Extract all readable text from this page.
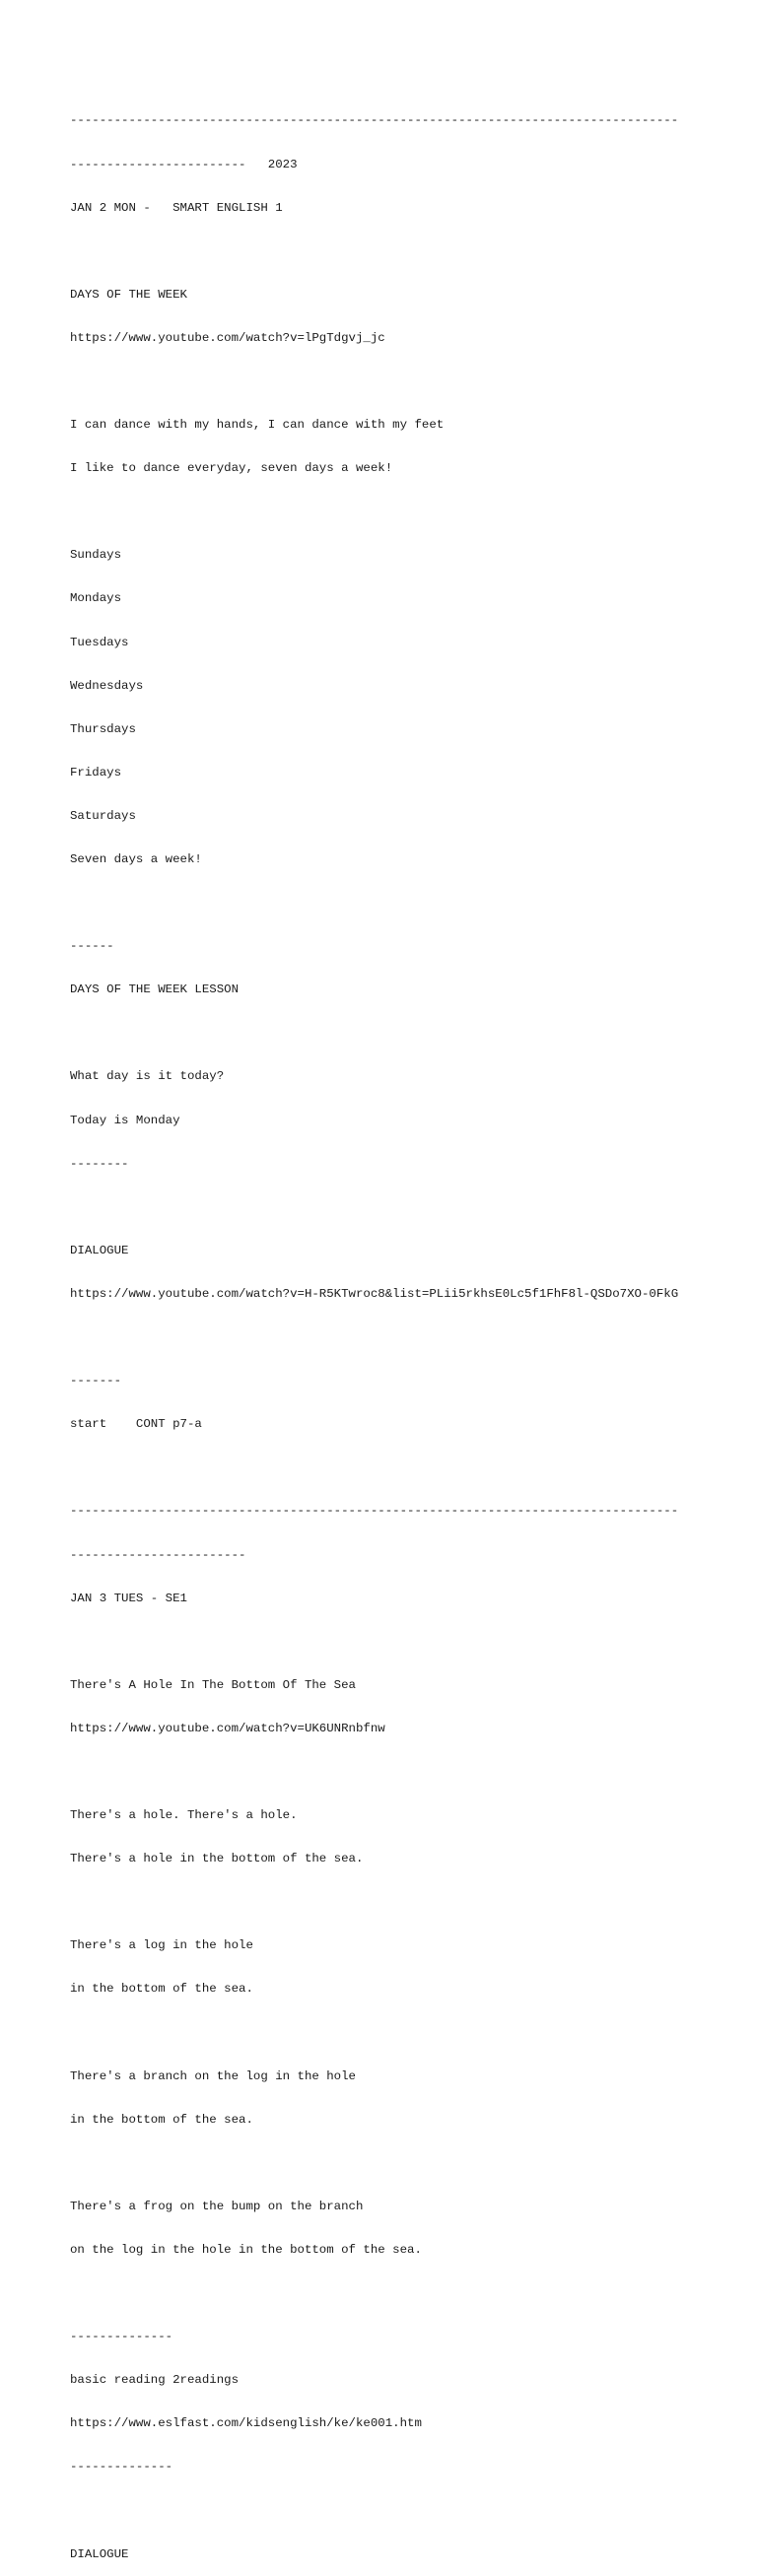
-----------------------------------------------------------------------------------

------------------------   2023

JAN 2 MON -   SMART ENGLISH 1

DAYS OF THE WEEK

https://www.youtube.com/watch?v=lPgTdgvj_jc

I can dance with my hands, I can dance with my feet

I like to dance everyday, seven days a week!

Sundays

Mondays

Tuesdays

Wednesdays

Thursdays

Fridays

Saturdays

Seven days a week!

------

DAYS OF THE WEEK LESSON

What day is it today?

Today is Monday

--------

DIALOGUE

https://www.youtube.com/watch?v=H-R5KTwroc8&list=PLii5rkhsE0Lc5f1FhF8l-QSDo7XO-0FkG

-------

start    CONT p7-a

-----------------------------------------------------------------------------------

------------------------

JAN 3 TUES - SE1

There's A Hole In The Bottom Of The Sea

https://www.youtube.com/watch?v=UK6UNRnbfnw

There's a hole. There's a hole.

There's a hole in the bottom of the sea.

There's a log in the hole

in the bottom of the sea.

There's a branch on the log in the hole

in the bottom of the sea.

There's a frog on the bump on the branch

on the log in the hole in the bottom of the sea.

--------------

basic reading 2readings

https://www.eslfast.com/kidsenglish/ke/ke001.htm

--------------

DIALOGUE
